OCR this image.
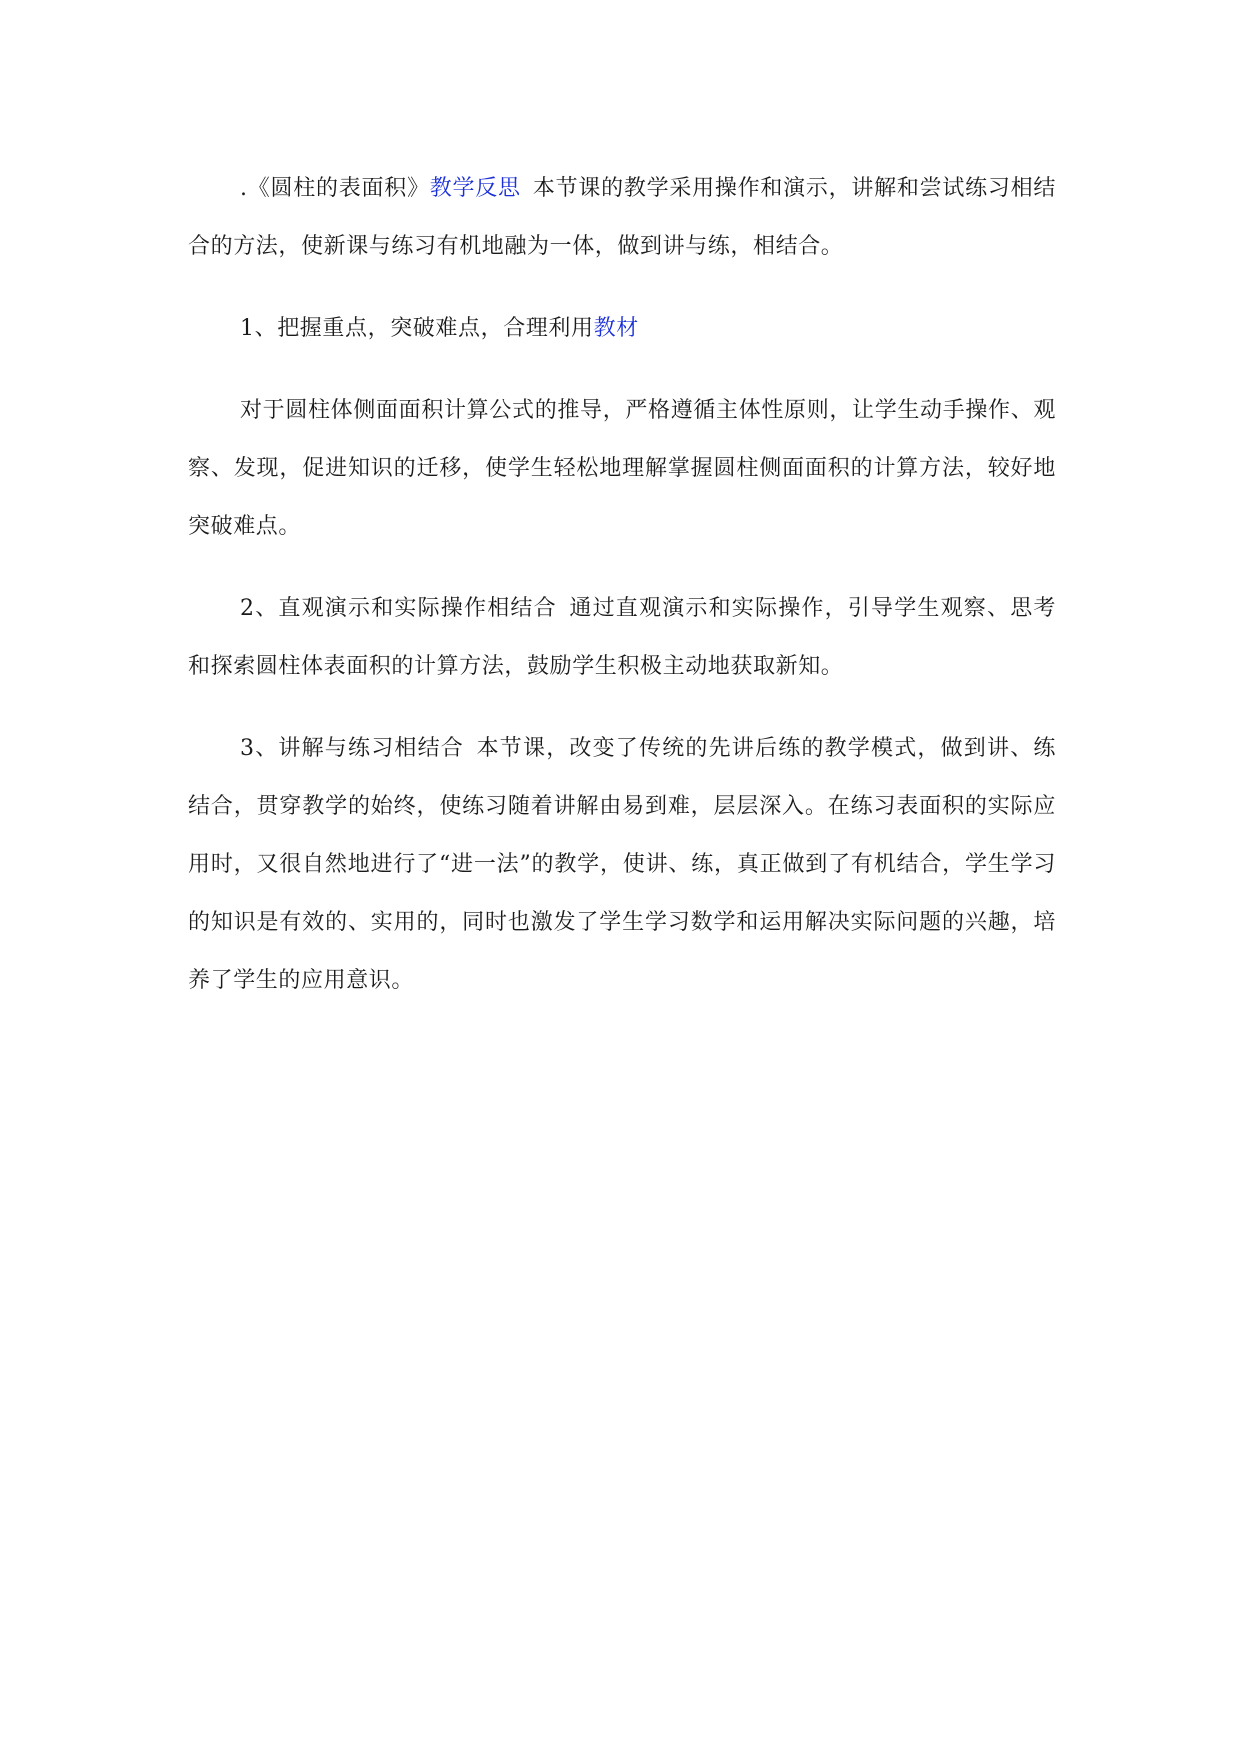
.《圆柱的表面积》教学反思 本节课的教学采用操作和演示，讲解和尝试练习相结合的方法，使新课与练习有机地融为一体，做到讲与练，相结合。

1、把握重点，突破难点，合理利用教材

对于圆柱体侧面面积计算公式的推导，严格遵循主体性原则，让学生动手操作、观察、发现，促进知识的迁移，使学生轻松地理解掌握圆柱侧面面积的计算方法，较好地突破难点。

2、直观演示和实际操作相结合 通过直观演示和实际操作，引导学生观察、思考和探索圆柱体表面积的计算方法，鼓励学生积极主动地获取新知。

3、讲解与练习相结合 本节课，改变了传统的先讲后练的教学模式，做到讲、练结合，贯穿教学的始终，使练习随着讲解由易到难，层层深入。在练习表面积的实际应用时，又很自然地进行了“进一法”的教学，使讲、练，真正做到了有机结合，学生学习的知识是有效的、实用的，同时也激发了学生学习数学和运用解决实际问题的兴趣，培养了学生的应用意识。
